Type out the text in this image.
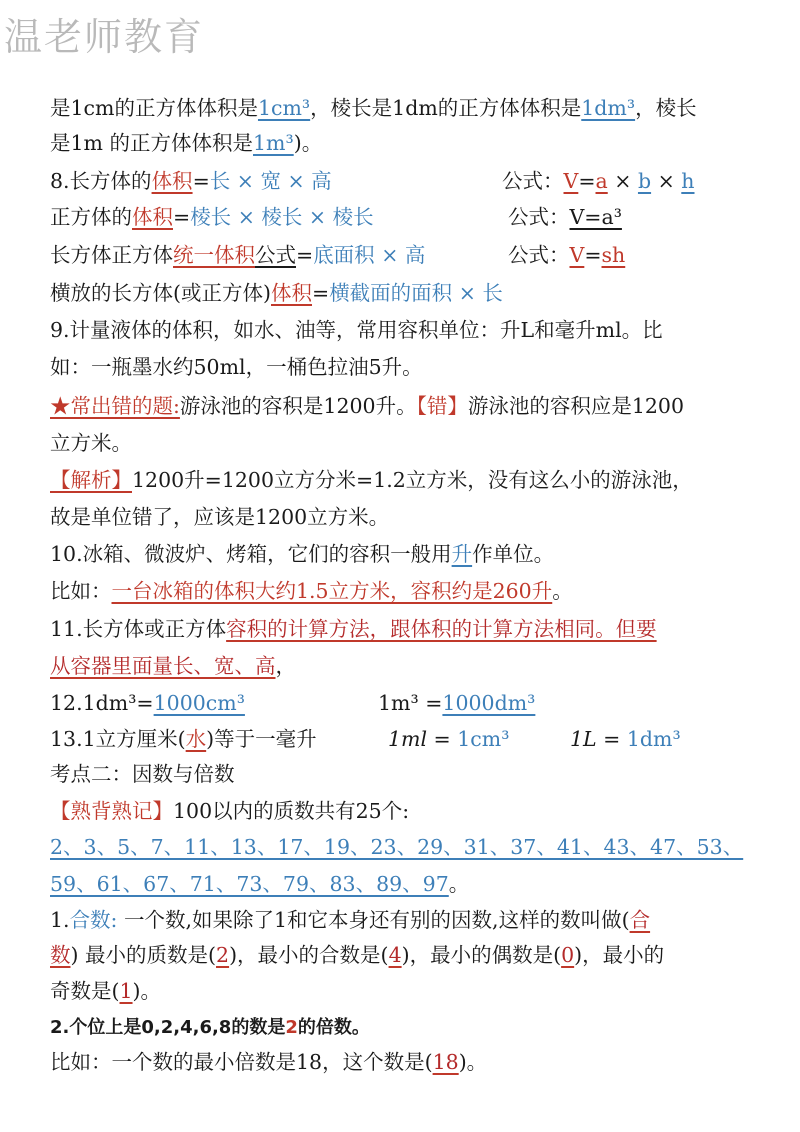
温老师教育
是1cm的正方体体积是1cm³，棱长是1dm的正方体体积是1dm³，棱长
是1m 的正方体体积是1m³)。
8.长方体的体积=长 × 宽 × 高	公式：V=a × b × h
正方体的体积=棱长 × 棱长 × 棱长	公式：V=a³
长方体正方体统一体积公式=底面积 × 高	公式：V=sh
横放的长方体(或正方体)体积=横截面的面积 × 长
9.计量液体的体积，如水、油等，常用容积单位：升L和毫升ml。比
如：一瓶墨水约50ml，一桶色拉油5升。
★常出错的题:游泳池的容积是1200升。【错】游泳池的容积应是1200
立方米。
【解析】1200升=1200立方分米=1.2立方米，没有这么小的游泳池，
故是单位错了，应该是1200立方米。
10.冰箱、微波炉、烤箱，它们的容积一般用升作单位。
比如：一台冰箱的体积大约1.5立方米，容积约是260升。
11.长方体或正方体容积的计算方法，跟体积的计算方法相同。但要
从容器里面量长、宽、高，
12.1dm³=1000cm³	1m³ =1000dm³
13.1立方厘米(水)等于一毫升	1ml = 1cm³	1L = 1dm³
考点二：因数与倍数
【熟背熟记】100以内的质数共有25个:
2、3、5、7、11、13、17、19、23、29、31、37、41、43、47、53、
59、61、67、71、73、79、83、89、97。
1.合数: 一个数,如果除了1和它本身还有别的因数,这样的数叫做(合
数) 最小的质数是(2)，最小的合数是(4)，最小的偶数是(0)，最小的
奇数是(1)。
2.个位上是0,2,4,6,8的数是2的倍数。
比如：一个数的最小倍数是18，这个数是(18)。
